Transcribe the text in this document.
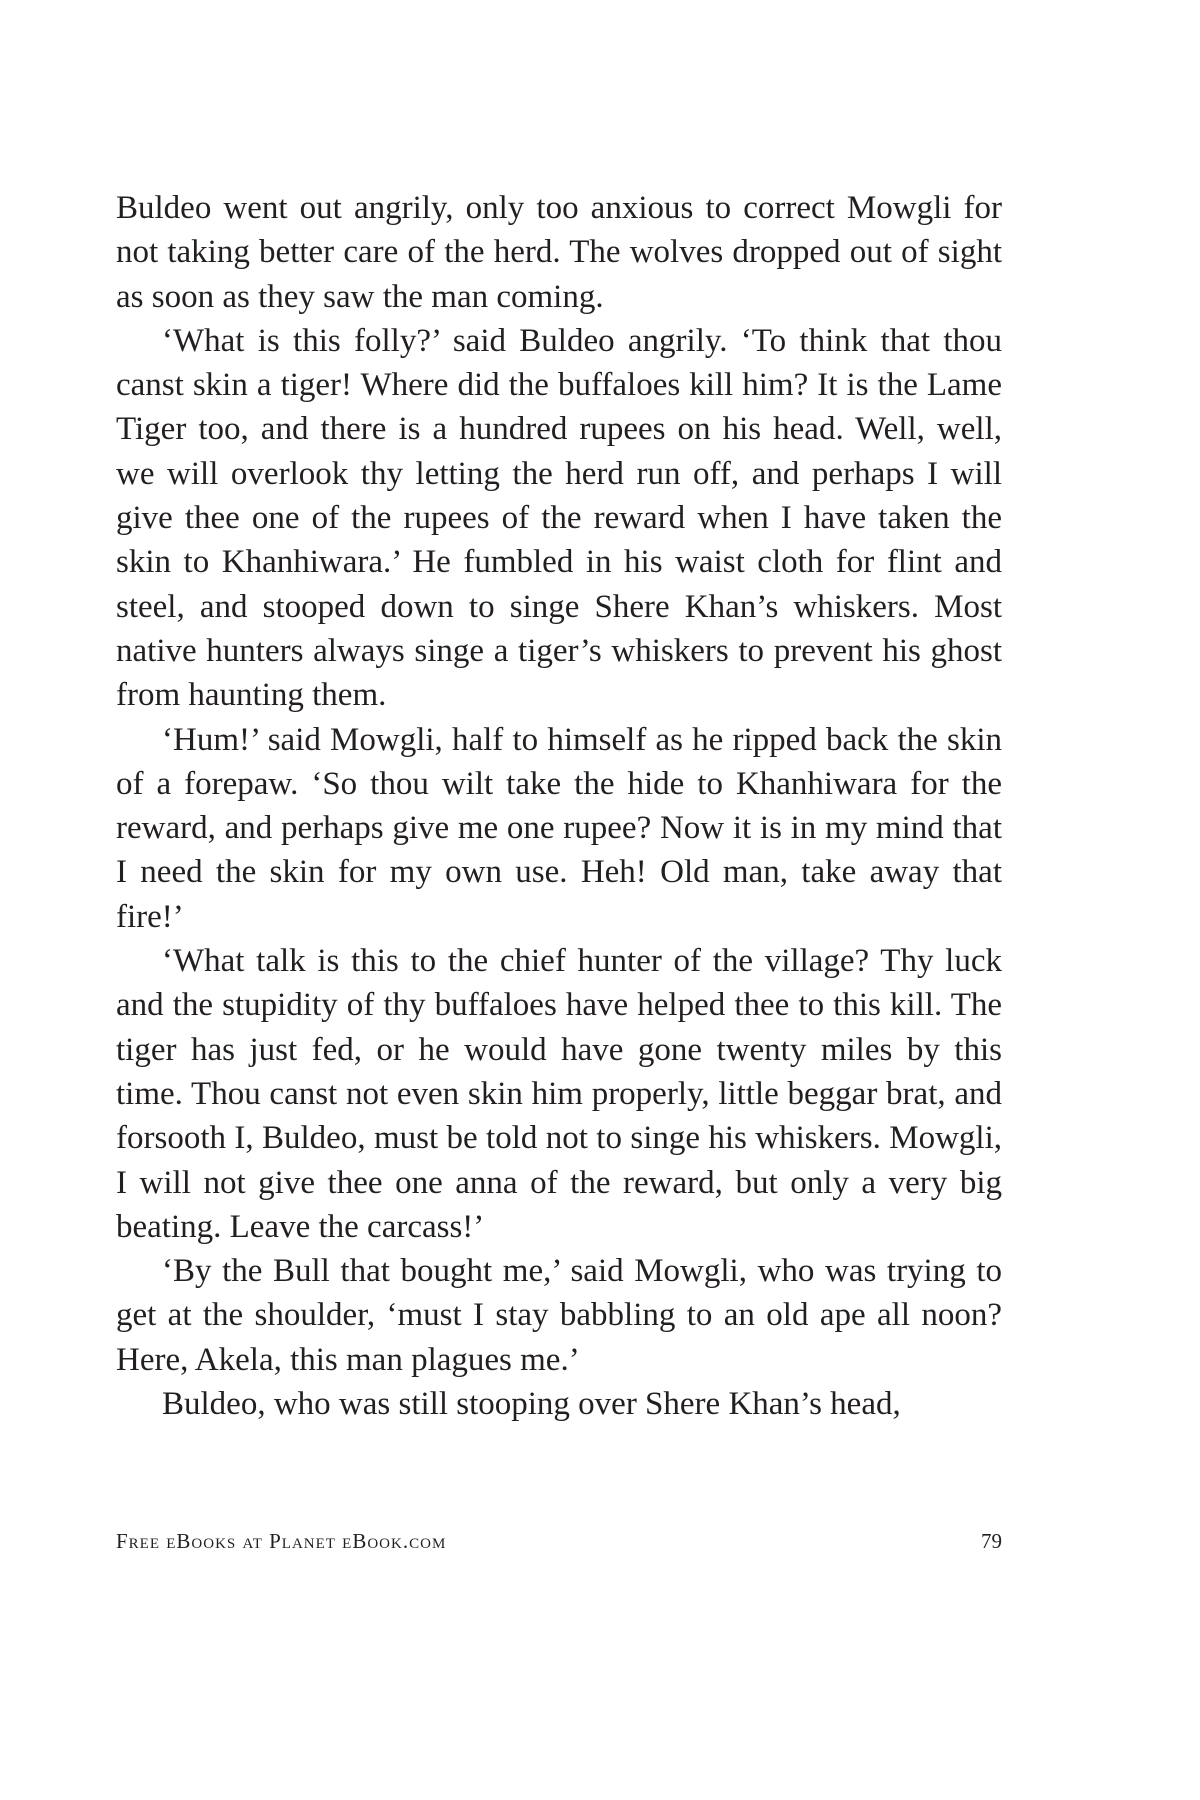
Buldeo went out angrily, only too anxious to correct Mowgli for not taking better care of the herd. The wolves dropped out of sight as soon as they saw the man coming.

‘What is this folly?’ said Buldeo angrily. ‘To think that thou canst skin a tiger! Where did the buffaloes kill him? It is the Lame Tiger too, and there is a hundred rupees on his head. Well, well, we will overlook thy letting the herd run off, and perhaps I will give thee one of the rupees of the reward when I have taken the skin to Khanhiwara.’ He fumbled in his waist cloth for flint and steel, and stooped down to singe Shere Khan’s whiskers. Most native hunters always singe a tiger’s whiskers to prevent his ghost from haunting them.

‘Hum!’ said Mowgli, half to himself as he ripped back the skin of a forepaw. ‘So thou wilt take the hide to Khanhiwara for the reward, and perhaps give me one rupee? Now it is in my mind that I need the skin for my own use. Heh! Old man, take away that fire!’

‘What talk is this to the chief hunter of the village? Thy luck and the stupidity of thy buffaloes have helped thee to this kill. The tiger has just fed, or he would have gone twenty miles by this time. Thou canst not even skin him properly, little beggar brat, and forsooth I, Buldeo, must be told not to singe his whiskers. Mowgli, I will not give thee one anna of the reward, but only a very big beating. Leave the carcass!’

‘By the Bull that bought me,’ said Mowgli, who was trying to get at the shoulder, ‘must I stay babbling to an old ape all noon? Here, Akela, this man plagues me.’

Buldeo, who was still stooping over Shere Khan’s head,

Free eBooks at Planet eBook.com	79
